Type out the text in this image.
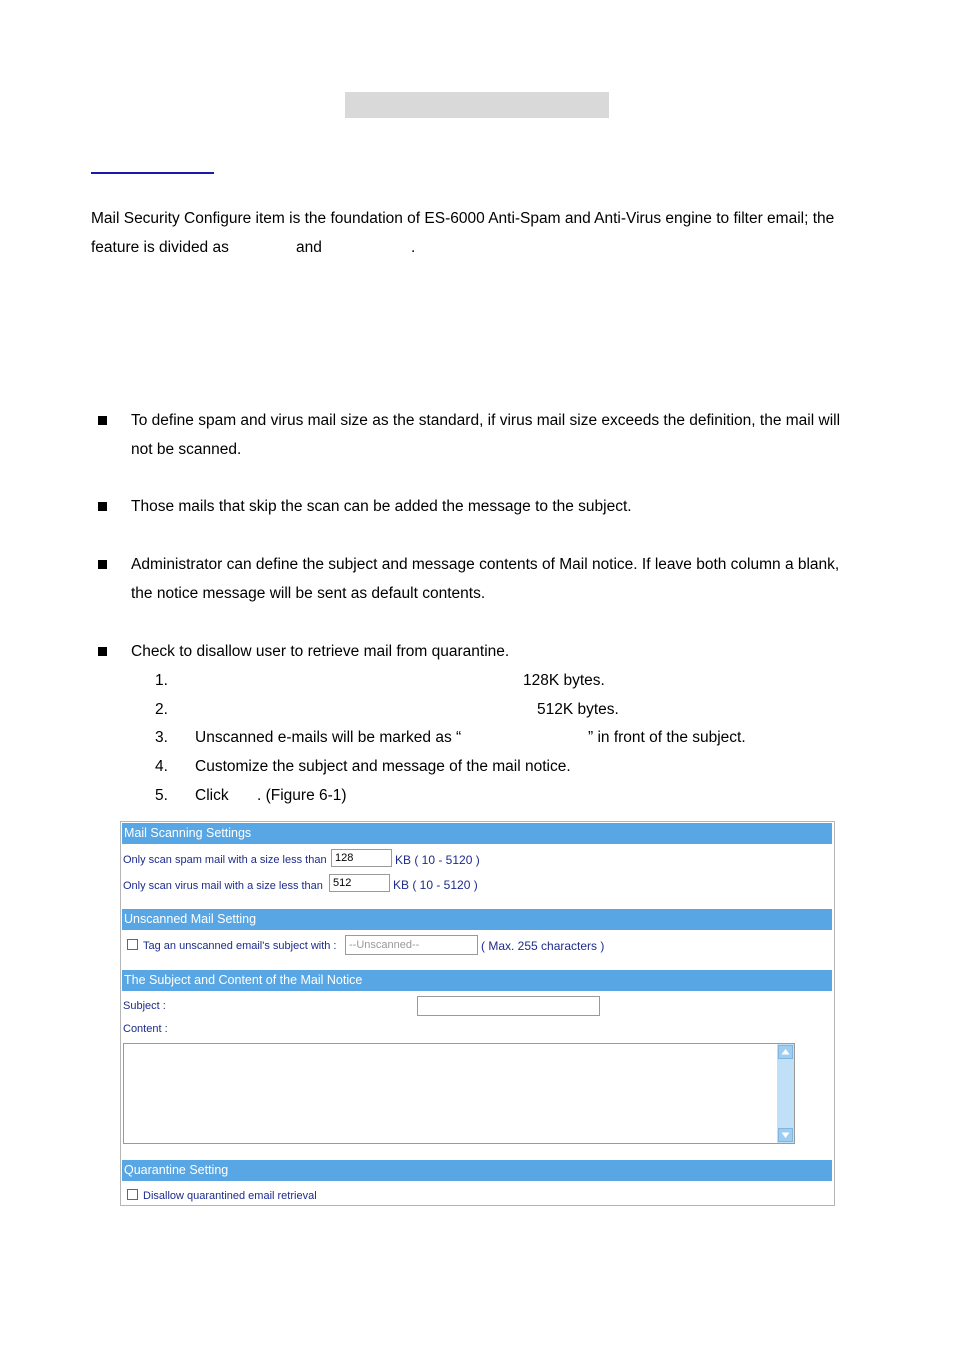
Mail Security Configure item is the foundation of ES-6000 Anti-Spam and Anti-Virus engine to filter email; the
feature is divided as	and	.
To define spam and virus mail size as the standard, if virus mail size exceeds the definition, the mail will
not be scanned.
Those mails that skip the scan can be added the message to the subject.
Administrator can define the subject and message contents of Mail notice. If leave both column a blank,
the notice message will be sent as default contents.
Check to disallow user to retrieve mail from quarantine.
1.	128K bytes.
2.	512K bytes.
3. Unscanned e-mails will be marked as “	” in front of the subject.
4. Customize the subject and message of the mail notice.
5. Click . (Figure 6-1)
Mail Scanning Settings
Only scan spam mail with a size less than
128	KB ( 10 - 5120 )
Only scan virus mail with a size less than
512	KB ( 10 - 5120 )
Unscanned Mail Setting
Tag an unscanned email's subject with :
--Unscanned--	( Max. 255 characters )
The Subject and Content of the Mail Notice
Subject :
Content :
Quarantine Setting
Disallow quarantined email retrieval
